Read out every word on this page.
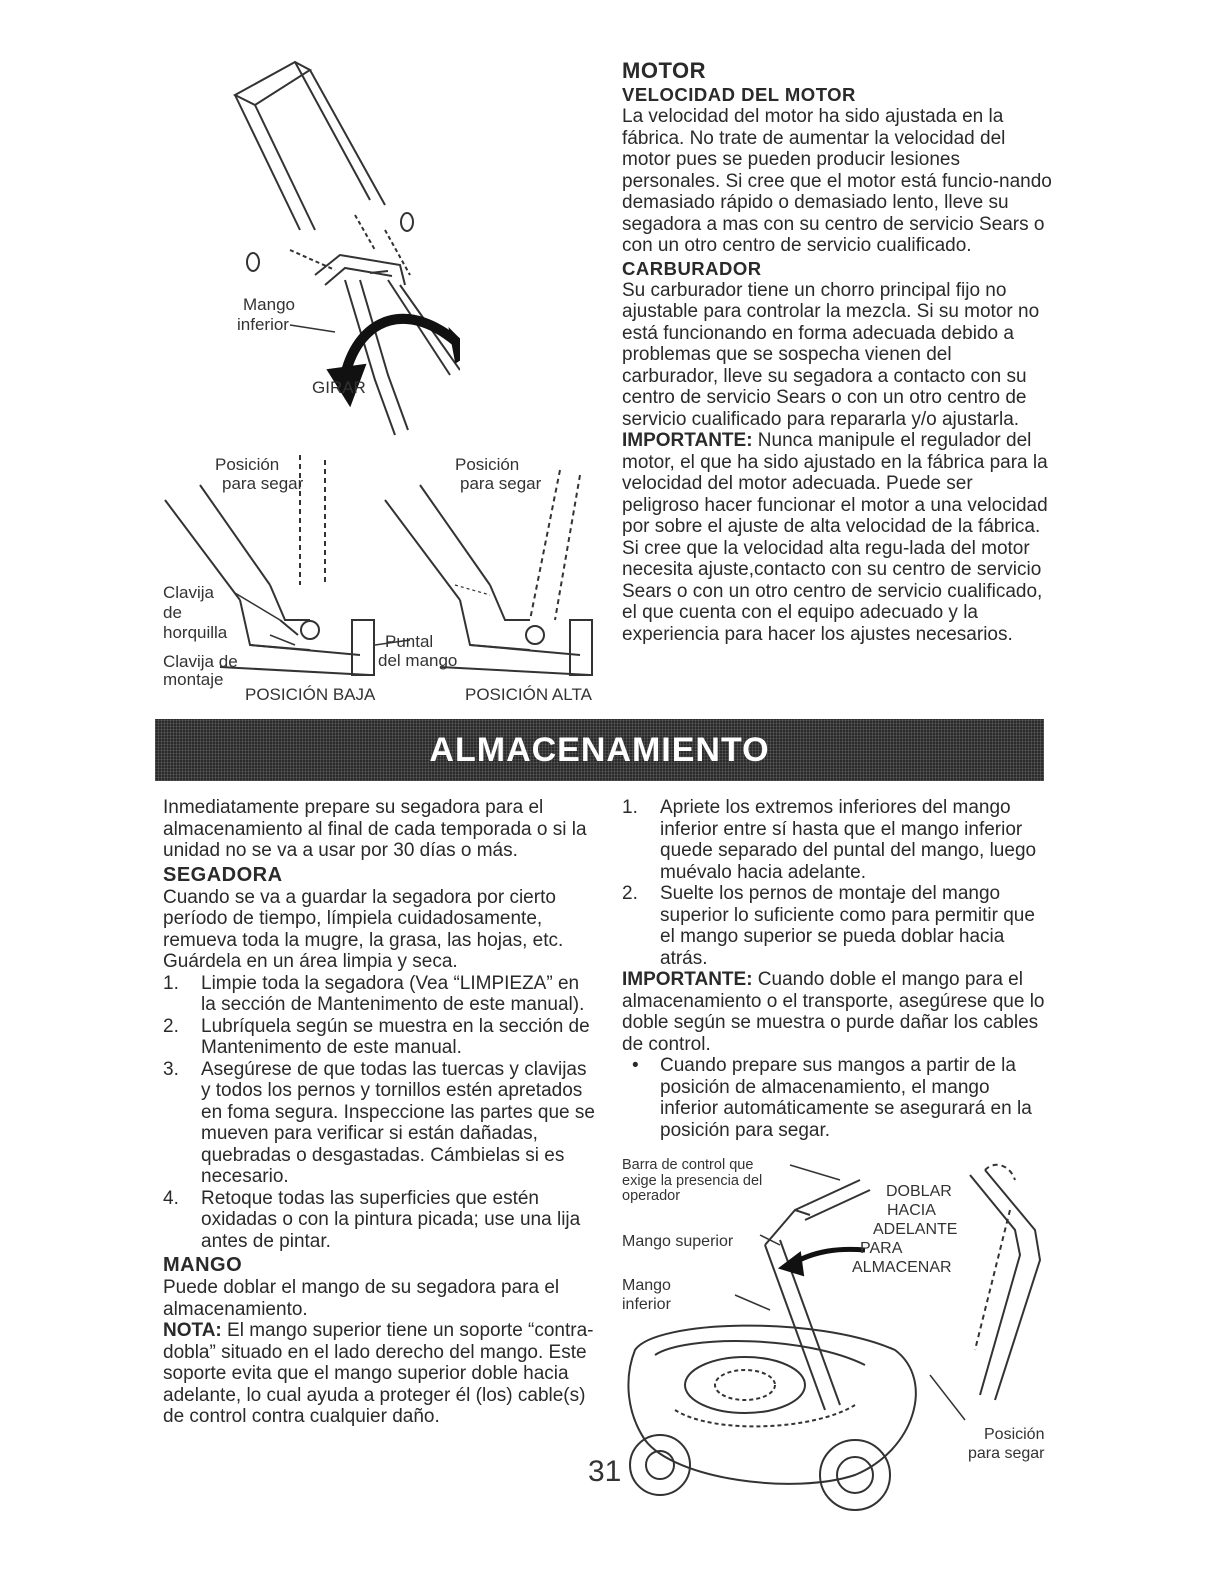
Mango
inferior
GIRAR
Posición
para segar
Posición
para segar
Clavija
de
horquilla
Clavija de
montaje
Puntal
del mango
POSICIÓN BAJA	POSICIÓN ALTA
MOTOR
VELOCIDAD DEL MOTOR

La velocidad del motor ha sido ajustada en la fábrica. No trate de aumentar la velocidad del motor pues se pueden producir lesiones personales. Si cree que el motor está funcio-nando demasiado rápido o demasiado lento, lleve su segadora a mas con su centro de servicio Sears o con un otro centro de servicio cualificado.

CARBURADOR

Su carburador tiene un chorro principal fijo no ajustable para controlar la mezcla. Si su motor no está funcionando en forma adecuada debido a problemas que se sospecha vienen del carburador, lleve su segadora a contacto con su centro de servicio Sears o con un otro centro de servicio cualificado para repararla y/o ajustarla.

IMPORTANTE: Nunca manipule el regulador del motor, el que ha sido ajustado en la fábrica para la velocidad del motor adecuada. Puede ser peligroso hacer funcionar el motor a una velocidad por sobre el ajuste de alta velocidad de la fábrica. Si cree que la velocidad alta regu-lada del motor necesita ajuste,contacto con su centro de servicio Sears o con un otro centro de servicio cualificado, el que cuenta con el equipo adecuado y la experiencia para hacer los ajustes necesarios.

ALMACENAMIENTO

Inmediatamente prepare su segadora para el almacenamiento al final de cada temporada o si la unidad no se va a usar por 30 días o más.

SEGADORA

Cuando se va a guardar la segadora por cierto período de tiempo, límpiela cuidadosamente, remueva toda la mugre, la grasa, las hojas, etc. Guárdela en un área limpia y seca.

1. Limpie toda la segadora (Vea “LIMPIEZA” en la sección de Mantenimento de este manual).
2. Lubríquela según se muestra en la sección de Mantenimento de este manual.
3. Asegúrese de que todas las tuercas y clavijas y todos los pernos y tornillos estén apretados en foma segura. Inspeccione las partes que se mueven para verificar si están dañadas, quebradas o desgastadas. Cámbielas si es necesario.
4. Retoque todas las superficies que estén oxidadas o con la pintura picada; use una lija antes de pintar.
MANGO

Puede doblar el mango de su segadora para el almacenamiento.

NOTA: El mango superior tiene un soporte “contra-dobla” situado en el lado derecho del mango. Este soporte evita que el mango superior doble hacia adelante, lo cual ayuda a proteger él (los) cable(s) de control contra cualquier daño.

1. Apriete los extremos inferiores del mango inferior entre sí hasta que el mango inferior quede separado del puntal del mango, luego muévalo hacia adelante.
2. Suelte los pernos de montaje del mango superior lo suficiente como para permitir que el mango superior se pueda doblar hacia atrás.

IMPORTANTE: Cuando doble el mango para el almacenamiento o el transporte, asegúrese que lo doble según se muestra o purde dañar los cables de control.

• Cuando prepare sus mangos a partir de la posición de almacenamiento, el mango inferior automáticamente se asegurará en la posición para segar.
Barra de control que
exige la presencia del
operador
Mango superior
Mango
inferior
DOBLAR
HACIA
ADELANTE
PARA
ALMACENAR
Posición
para segar
31
